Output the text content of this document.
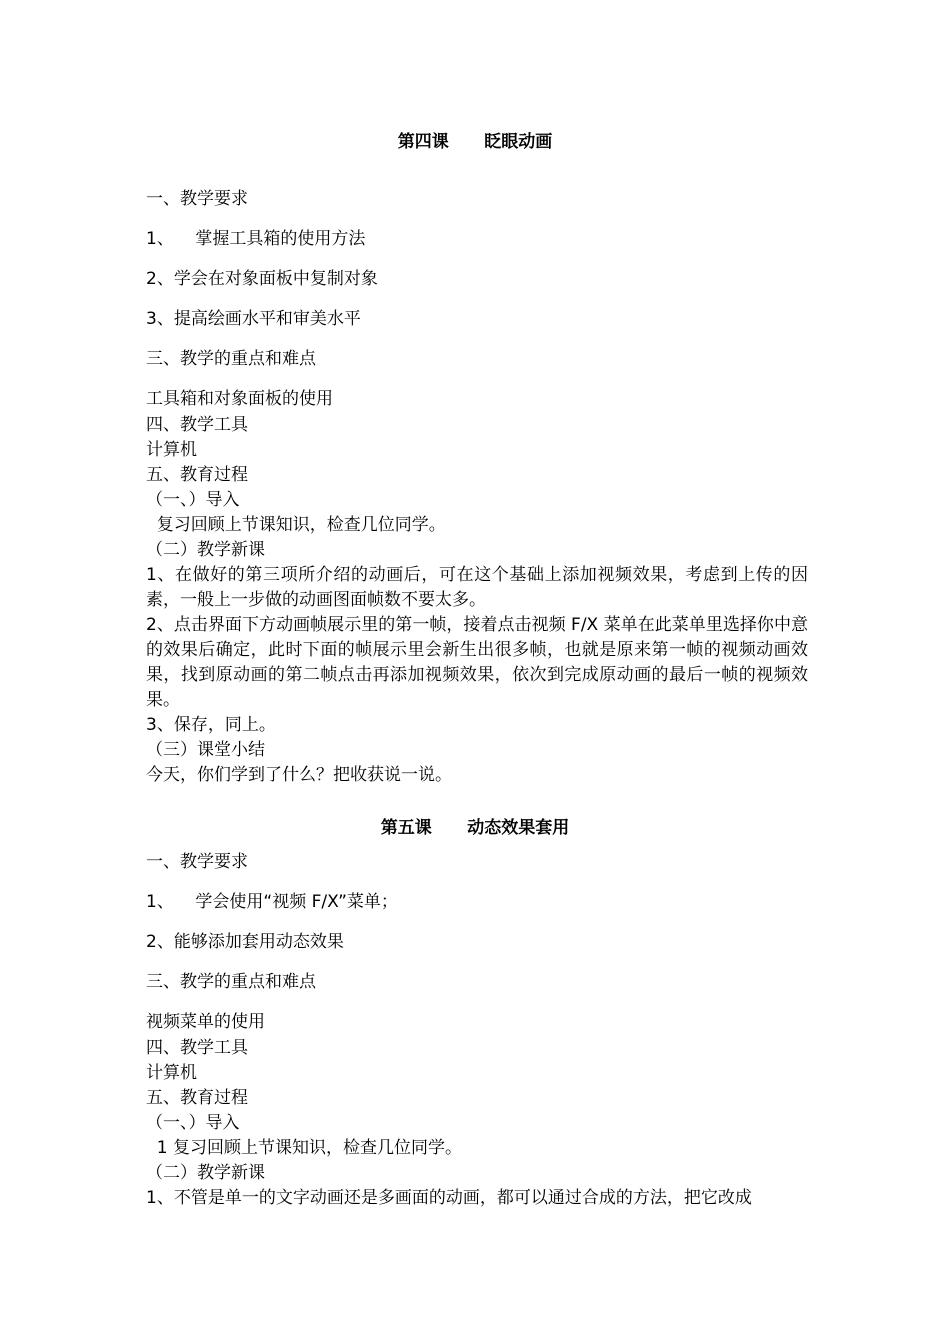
第四课      眨眼动画
一、教学要求
1、    掌握工具箱的使用方法
2、学会在对象面板中复制对象
3、提高绘画水平和审美水平
三、教学的重点和难点
工具箱和对象面板的使用
四、教学工具
计算机
五、教育过程
（一、）导入
复习回顾上节课知识，检查几位同学。
（二）教学新课
1、在做好的第三项所介绍的动画后，可在这个基础上添加视频效果，考虑到上传的因素，一般上一步做的动画图面帧数不要太多。
2、点击界面下方动画帧展示里的第一帧，接着点击视频 F/X 菜单在此菜单里选择你中意的效果后确定，此时下面的帧展示里会新生出很多帧，也就是原来第一帧的视频动画效果，找到原动画的第二帧点击再添加视频效果，依次到完成原动画的最后一帧的视频效果。
3、保存，同上。
（三）课堂小结
今天，你们学到了什么？把收获说一说。
第五课      动态效果套用
一、教学要求
1、    学会使用“视频 F/X”菜单；
2、能够添加套用动态效果
三、教学的重点和难点
视频菜单的使用
四、教学工具
计算机
五、教育过程
（一、）导入
1 复习回顾上节课知识，检查几位同学。
（二）教学新课
1、不管是单一的文字动画还是多画面的动画，都可以通过合成的方法，把它改成
